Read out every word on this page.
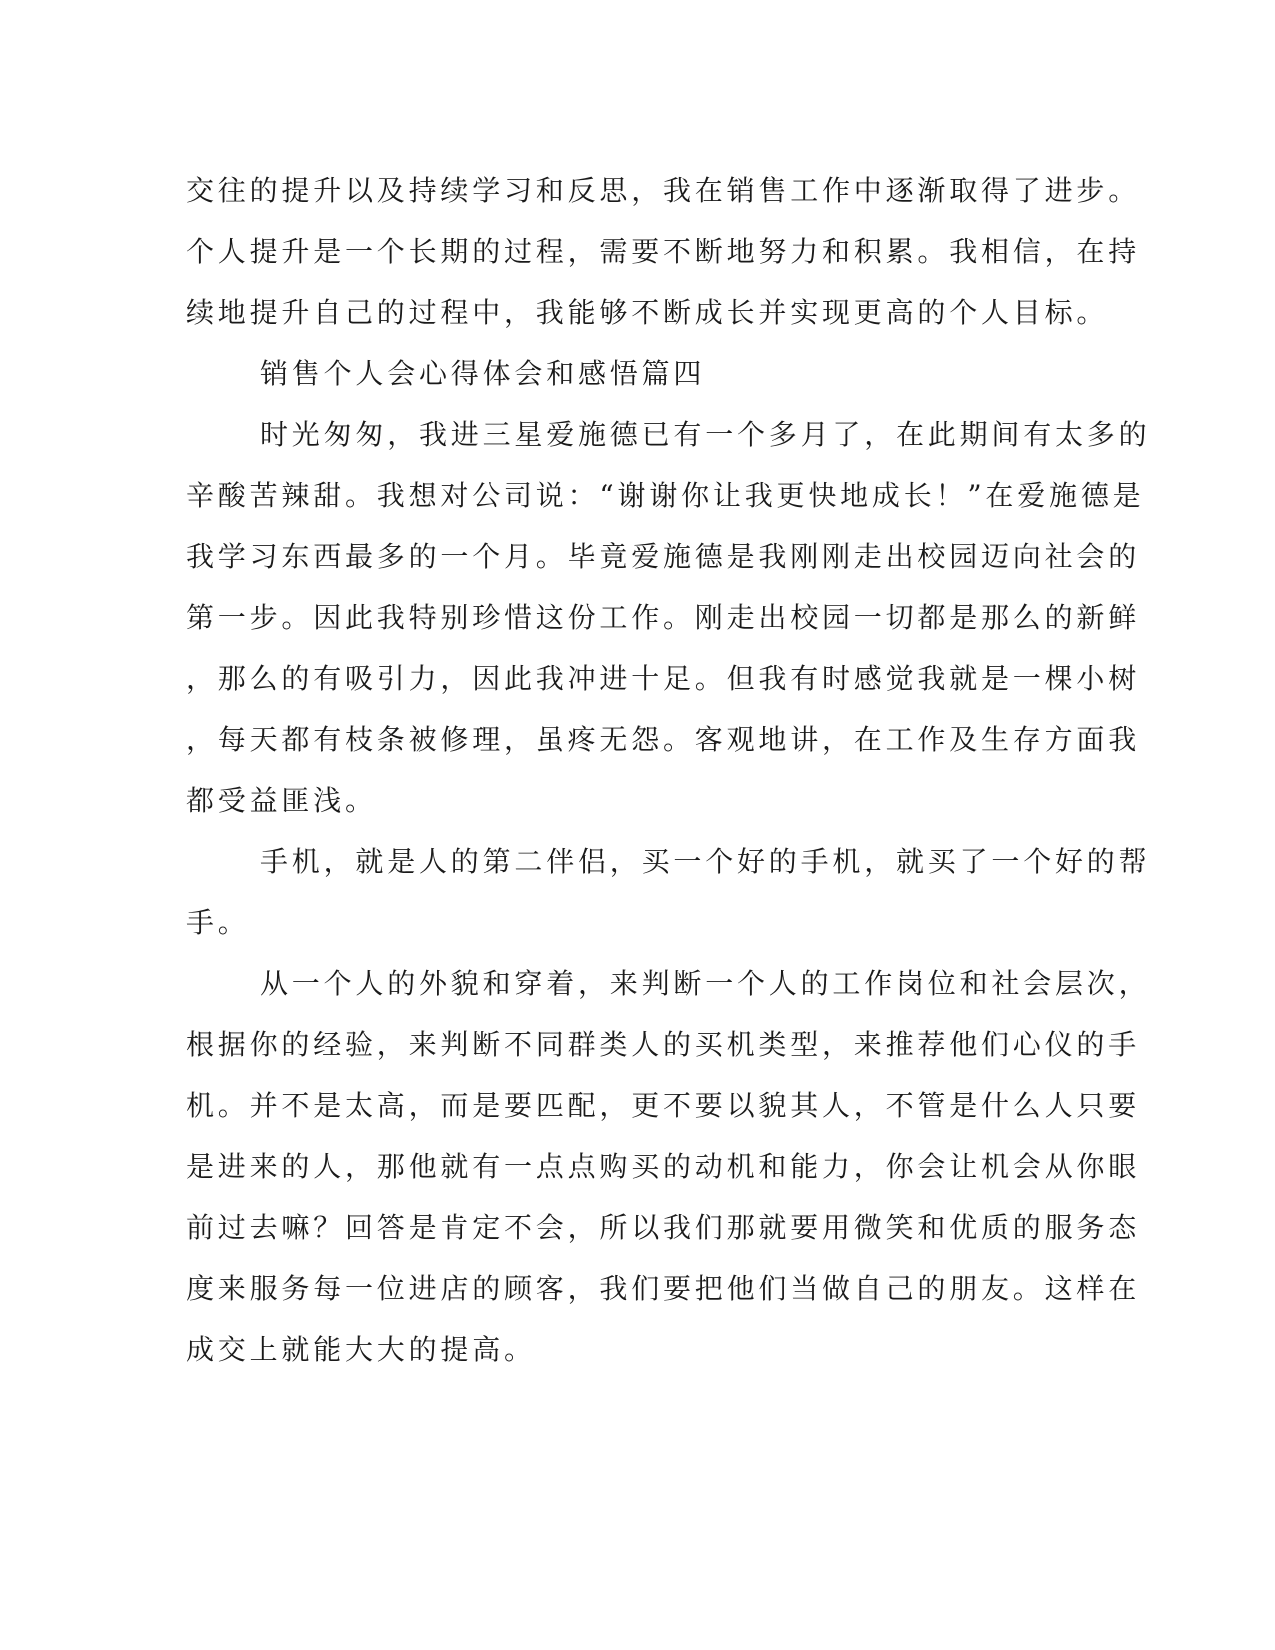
交往的提升以及持续学习和反思，我在销售工作中逐渐取得了进步。
个人提升是一个长期的过程，需要不断地努力和积累。我相信，在持
续地提升自己的过程中，我能够不断成长并实现更高的个人目标。
销售个人会心得体会和感悟篇四
时光匆匆，我进三星爱施德已有一个多月了，在此期间有太多的
辛酸苦辣甜。我想对公司说：“谢谢你让我更快地成长！”在爱施德是
我学习东西最多的一个月。毕竟爱施德是我刚刚走出校园迈向社会的
第一步。因此我特别珍惜这份工作。刚走出校园一切都是那么的新鲜
，那么的有吸引力，因此我冲进十足。但我有时感觉我就是一棵小树
，每天都有枝条被修理，虽疼无怨。客观地讲，在工作及生存方面我
都受益匪浅。
手机，就是人的第二伴侣，买一个好的手机，就买了一个好的帮
手。
从一个人的外貌和穿着，来判断一个人的工作岗位和社会层次，
根据你的经验，来判断不同群类人的买机类型，来推荐他们心仪的手
机。并不是太高，而是要匹配，更不要以貌其人，不管是什么人只要
是进来的人，那他就有一点点购买的动机和能力，你会让机会从你眼
前过去嘛？回答是肯定不会，所以我们那就要用微笑和优质的服务态
度来服务每一位进店的顾客，我们要把他们当做自己的朋友。这样在
成交上就能大大的提高。
